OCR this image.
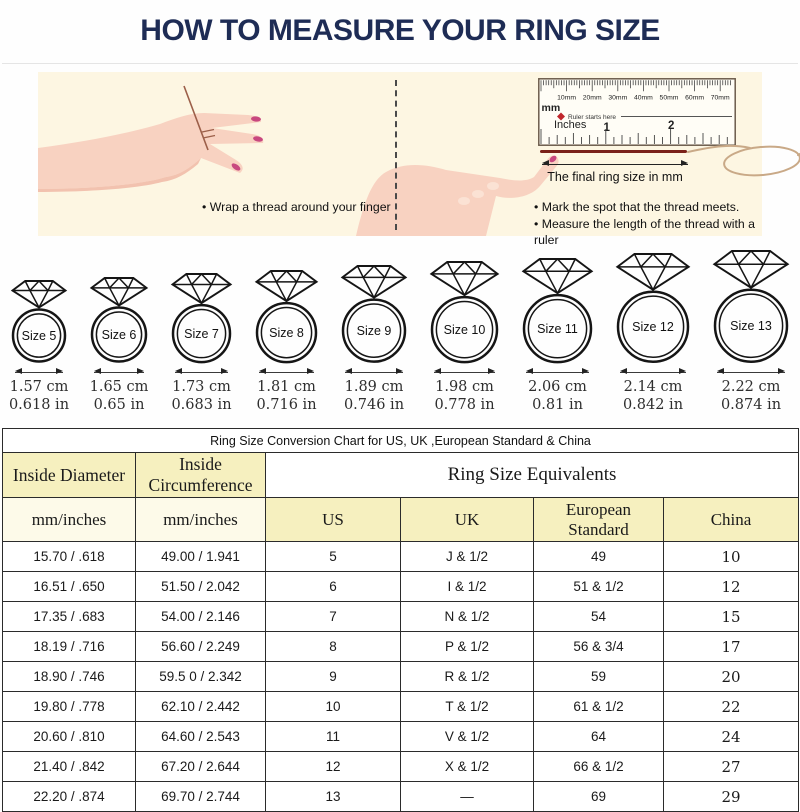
HOW TO MEASURE YOUR RING SIZE
10mm 20mm 30mm 40mm 50mm 60mm 70mm
mm
Ruler starts here
Inches 1	2
The final ring size in mm
• Wrap a thread around your finger	• Mark the spot that the thread meets.
• Measure the length of the thread with a ruler
Size 5
1.57 cm
0.618 in
Size 6
1.65 cm
0.65 in
Size 7
1.73 cm
0.683 in
Size 8
1.81 cm
0.716 in
Size 9
1.89 cm
0.746 in
Size 10
1.98 cm
0.778 in
Size 11
2.06 cm
0.81 in
Size 12
2.14 cm
0.842 in
Size 13
2.22 cm
0.874 in
Ring Size Conversion Chart for US, UK ,European Standard & China					
Inside Diameter	Inside Circumference	Ring Size Equivalents			
mm/inches	mm/inches	US	UK	European Standard	China
15.70 / .618	49.00 / 1.941	5	J & 1/2	49	10
16.51 / .650	51.50 / 2.042	6	I & 1/2	51 & 1/2	12
17.35 / .683	54.00 / 2.146	7	N & 1/2	54	15
18.19 / .716	56.60 / 2.249	8	P & 1/2	56 & 3/4	17
18.90 / .746	59.5 0 / 2.342	9	R & 1/2	59	20
19.80 / .778	62.10 / 2.442	10	T & 1/2	61 & 1/2	22
20.60 / .810	64.60 / 2.543	11	V & 1/2	64	24
21.40 / .842	67.20 / 2.644	12	X & 1/2	66 & 1/2	27
22.20 / .874	69.70 / 2.744	13	—	69	29
